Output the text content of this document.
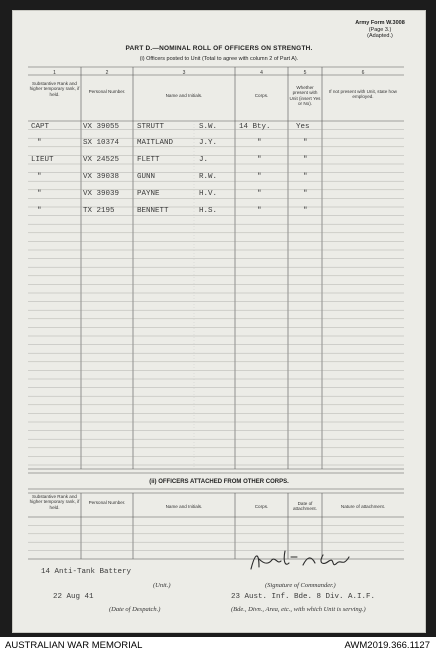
Army Form W.3008
(Page 3.)
(Adapted.)
PART D.—NOMINAL ROLL OF OFFICERS ON STRENGTH.
(i) Officers posted to Unit (Total to agree with column 2 of Part A).
1	2	3	4	5	6
Substantive Rank and higher temporary rank, if held.
Personal Number.
Name and Initials.	Corps.
Whether present with Unit (insert Yes or No).
If not present with Unit, state how employed.
CAPT	VX 39055 STRUTT	S.W.	14 Bty.	Yes
"	SX 10374 MAITLAND	J.Y.	"	"
LIEUT	VX 24525 FLETT	J.	"	"
"	VX 39038 GUNN	R.W.	"	"
"	VX 39039 PAYNE	H.V.	"	"
"	TX 2195	BENNETT	H.S.	"	"
(ii) OFFICERS ATTACHED FROM OTHER CORPS.
Substantive Rank and higher temporary rank, if held.
Personal Number.
Name and Initials.	Corps.
Date of attachment.	Nature of attachment.
14 Anti-Tank Battery
(Unit.)	(Signature of Commander.)
22 Aug 41
(Date of Despatch.)
23 Aust. Inf. Bde. 8 Div. A.I.F.
(Bde., Divn., Area, etc., with which Unit is serving.)
AUSTRALIAN WAR MEMORIAL	AWM2019.366.1127
